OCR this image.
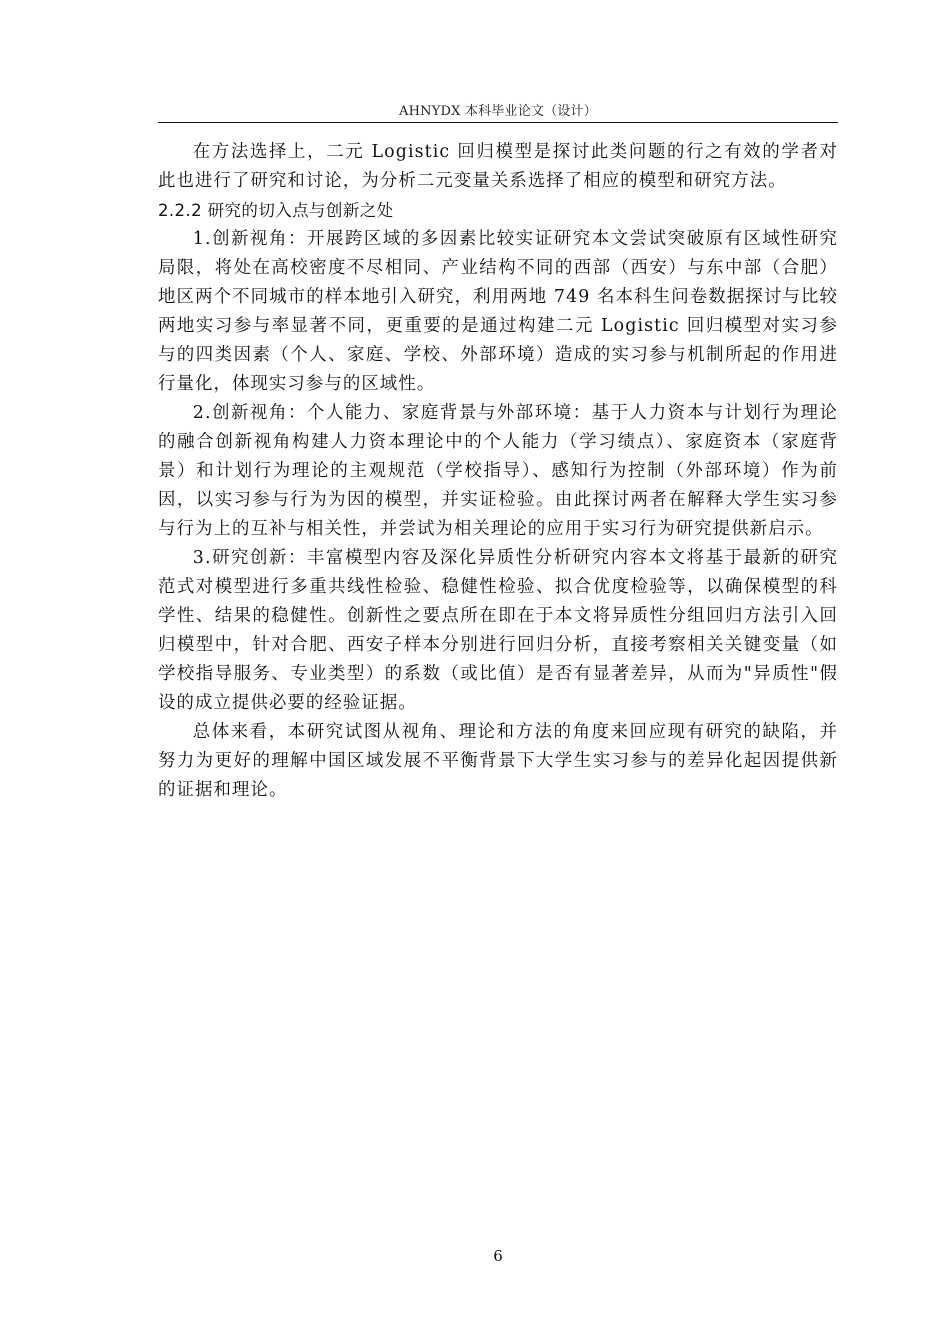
AHNYDX 本科毕业论文（设计）

在方法选择上，二元 Logistic 回归模型是探讨此类问题的行之有效的学者对此也进行了研究和讨论，为分析二元变量关系选择了相应的模型和研究方法。

2.2.2 研究的切入点与创新之处

1.创新视角：开展跨区域的多因素比较实证研究本文尝试突破原有区域性研究局限，将处在高校密度不尽相同、产业结构不同的西部（西安）与东中部（合肥）地区两个不同城市的样本地引入研究，利用两地 749 名本科生问卷数据探讨与比较两地实习参与率显著不同，更重要的是通过构建二元 Logistic 回归模型对实习参与的四类因素（个人、家庭、学校、外部环境）造成的实习参与机制所起的作用进行量化，体现实习参与的区域性。

2.创新视角：个人能力、家庭背景与外部环境：基于人力资本与计划行为理论的融合创新视角构建人力资本理论中的个人能力（学习绩点）、家庭资本（家庭背景）和计划行为理论的主观规范（学校指导）、感知行为控制（外部环境）作为前因，以实习参与行为为因的模型，并实证检验。由此探讨两者在解释大学生实习参与行为上的互补与相关性，并尝试为相关理论的应用于实习行为研究提供新启示。

3.研究创新：丰富模型内容及深化异质性分析研究内容本文将基于最新的研究范式对模型进行多重共线性检验、稳健性检验、拟合优度检验等，以确保模型的科学性、结果的稳健性。创新性之要点所在即在于本文将异质性分组回归方法引入回归模型中，针对合肥、西安子样本分别进行回归分析，直接考察相关关键变量（如学校指导服务、专业类型）的系数（或比值）是否有显著差异，从而为"异质性"假设的成立提供必要的经验证据。

总体来看，本研究试图从视角、理论和方法的角度来回应现有研究的缺陷，并努力为更好的理解中国区域发展不平衡背景下大学生实习参与的差异化起因提供新的证据和理论。

6
